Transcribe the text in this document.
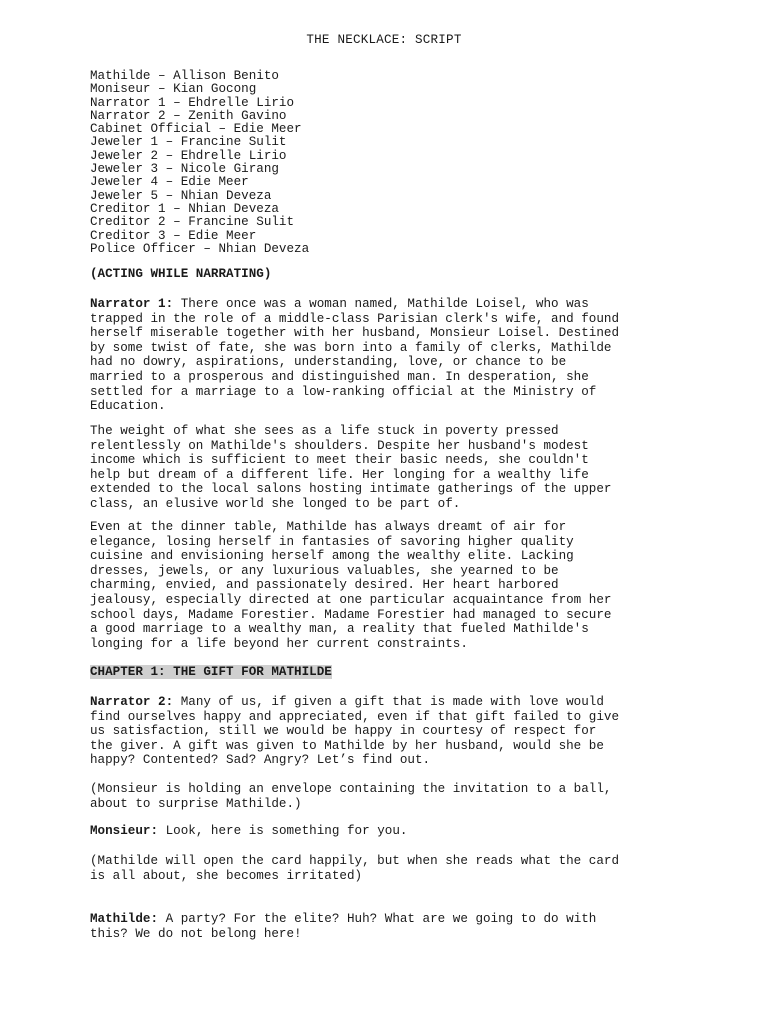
THE NECKLACE: SCRIPT
Mathilde – Allison Benito
Moniseur – Kian Gocong
Narrator 1 – Ehdrelle Lirio
Narrator 2 – Zenith Gavino
Cabinet Official – Edie Meer
Jeweler 1 – Francine Sulit
Jeweler 2 – Ehdrelle Lirio
Jeweler 3 – Nicole Girang
Jeweler 4 – Edie Meer
Jeweler 5 – Nhian Deveza
Creditor 1 – Nhian Deveza
Creditor 2 – Francine Sulit
Creditor 3 – Edie Meer
Police Officer – Nhian Deveza

(ACTING WHILE NARRATING)

Narrator 1: There once was a woman named, Mathilde Loisel, who was
trapped in the role of a middle-class Parisian clerk's wife, and found
herself miserable together with her husband, Monsieur Loisel. Destined
by some twist of fate, she was born into a family of clerks, Mathilde
had no dowry, aspirations, understanding, love, or chance to be
married to a prosperous and distinguished man. In desperation, she
settled for a marriage to a low-ranking official at the Ministry of
Education.

The weight of what she sees as a life stuck in poverty pressed
relentlessly on Mathilde's shoulders. Despite her husband's modest
income which is sufficient to meet their basic needs, she couldn't
help but dream of a different life. Her longing for a wealthy life
extended to the local salons hosting intimate gatherings of the upper
class, an elusive world she longed to be part of.

Even at the dinner table, Mathilde has always dreamt of air for
elegance, losing herself in fantasies of savoring higher quality
cuisine and envisioning herself among the wealthy elite. Lacking
dresses, jewels, or any luxurious valuables, she yearned to be
charming, envied, and passionately desired. Her heart harbored
jealousy, especially directed at one particular acquaintance from her
school days, Madame Forestier. Madame Forestier had managed to secure
a good marriage to a wealthy man, a reality that fueled Mathilde's
longing for a life beyond her current constraints.

CHAPTER 1: THE GIFT FOR MATHILDE

Narrator 2: Many of us, if given a gift that is made with love would
find ourselves happy and appreciated, even if that gift failed to give
us satisfaction, still we would be happy in courtesy of respect for
the giver. A gift was given to Mathilde by her husband, would she be
happy? Contented? Sad? Angry? Let’s find out.

(Monsieur is holding an envelope containing the invitation to a ball,
about to surprise Mathilde.)

Monsieur: Look, here is something for you.

(Mathilde will open the card happily, but when she reads what the card
is all about, she becomes irritated)

Mathilde: A party? For the elite? Huh? What are we going to do with
this? We do not belong here!
